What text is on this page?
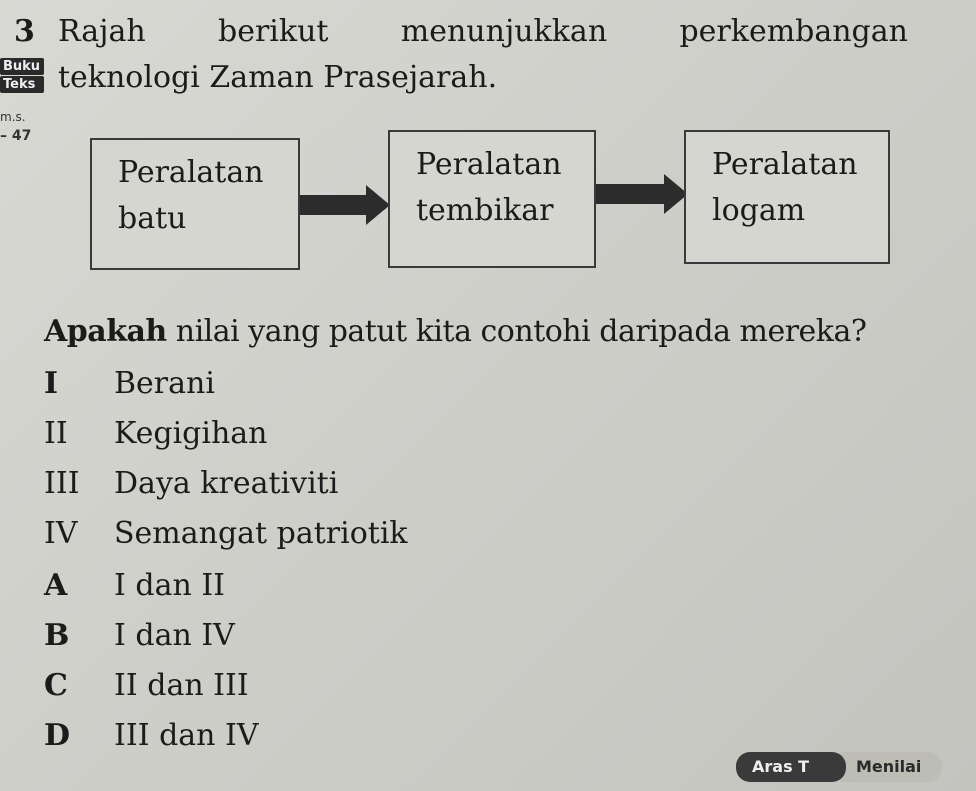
3 Rajah berikut menunjukkan perkembangan
teknologi Zaman Prasejarah.
Buku
Teks
m.s.
– 47
Peralatan
batu
Peralatan
tembikar
Peralatan
logam
Apakah nilai yang patut kita contohi daripada mereka?
I Berani
II Kegigihan
III Daya kreativiti
IV Semangat patriotik
A I dan II
B I dan IV
C II dan III
D III dan IV
Menilai
Aras T
